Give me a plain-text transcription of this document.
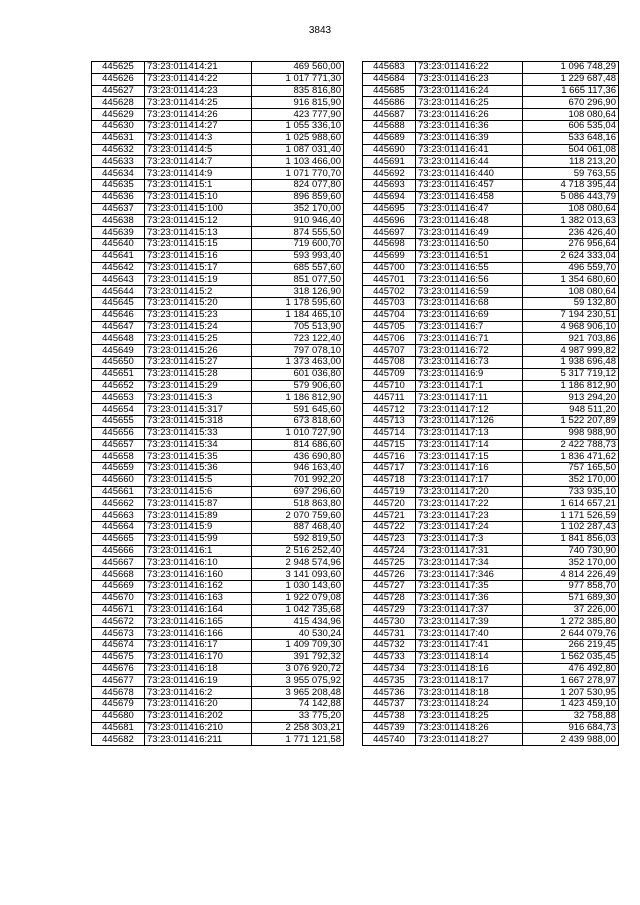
3843
445625	73:23:011414:21	469 560,00
445626	73:23:011414:22	1 017 771,30
445627	73:23:011414:23	835 816,80
445628	73:23:011414:25	916 815,90
445629	73:23:011414:26	423 777,90
445630	73:23:011414:27	1 055 336,10
445631	73:23:011414:3	1 025 988,60
445632	73:23:011414:5	1 087 031,40
445633	73:23:011414:7	1 103 466,00
445634	73:23:011414:9	1 071 770,70
445635	73:23:011415:1	824 077,80
445636	73:23:011415:10	896 859,60
445637	73:23:011415:100	352 170,00
445638	73:23:011415:12	910 946,40
445639	73:23:011415:13	874 555,50
445640	73:23:011415:15	719 600,70
445641	73:23:011415:16	593 993,40
445642	73:23:011415:17	685 557,60
445643	73:23:011415:19	851 077,50
445644	73:23:011415:2	318 126,90
445645	73:23:011415:20	1 178 595,60
445646	73:23:011415:23	1 184 465,10
445647	73:23:011415:24	705 513,90
445648	73:23:011415:25	723 122,40
445649	73:23:011415:26	797 078,10
445650	73:23:011415:27	1 373 463,00
445651	73:23:011415:28	601 036,80
445652	73:23:011415:29	579 906,60
445653	73:23:011415:3	1 186 812,90
445654	73:23:011415:317	591 645,60
445655	73:23:011415:318	673 818,60
445656	73:23:011415:33	1 010 727,90
445657	73:23:011415:34	814 686,60
445658	73:23:011415:35	436 690,80
445659	73:23:011415:36	946 163,40
445660	73:23:011415:5	701 992,20
445661	73:23:011415:6	697 296,60
445662	73:23:011415:87	518 863,80
445663	73:23:011415:89	2 070 759,60
445664	73:23:011415:9	887 468,40
445665	73:23:011415:99	592 819,50
445666	73:23:011416:1	2 516 252,40
445667	73:23:011416:10	2 948 574,96
445668	73:23:011416:160	3 141 093,60
445669	73:23:011416:162	1 030 143,60
445670	73:23:011416:163	1 922 079,08
445671	73:23:011416:164	1 042 735,68
445672	73:23:011416:165	415 434,96
445673	73:23:011416:166	40 530,24
445674	73:23:011416:17	1 409 709,30
445675	73:23:011416:170	391 792,32
445676	73:23:011416:18	3 076 920,72
445677	73:23:011416:19	3 955 075,92
445678	73:23:011416:2	3 965 208,48
445679	73:23:011416:20	74 142,88
445680	73:23:011416:202	33 775,20
445681	73:23:011416:210	2 258 303,21
445682	73:23:011416:211	1 771 121,58
445683	73:23:011416:22	1 096 748,29
445684	73:23:011416:23	1 229 687,48
445685	73:23:011416:24	1 665 117,36
445686	73:23:011416:25	670 296,90
445687	73:23:011416:26	108 080,64
445688	73:23:011416:36	606 535,04
445689	73:23:011416:39	533 648,16
445690	73:23:011416:41	504 061,08
445691	73:23:011416:44	118 213,20
445692	73:23:011416:440	59 763,55
445693	73:23:011416:457	4 718 395,44
445694	73:23:011416:458	5 086 443,79
445695	73:23:011416:47	108 080,64
445696	73:23:011416:48	1 382 013,63
445697	73:23:011416:49	236 426,40
445698	73:23:011416:50	276 956,64
445699	73:23:011416:51	2 624 333,04
445700	73:23:011416:55	496 559,70
445701	73:23:011416:56	1 354 680,60
445702	73:23:011416:59	108 080,64
445703	73:23:011416:68	59 132,80
445704	73:23:011416:69	7 194 230,51
445705	73:23:011416:7	4 968 906,10
445706	73:23:011416:71	921 703,86
445707	73:23:011416:72	4 987 999,82
445708	73:23:011416:73	1 938 696,48
445709	73:23:011416:9	5 317 719,12
445710	73:23:011417:1	1 186 812,90
445711	73:23:011417:11	913 294,20
445712	73:23:011417:12	948 511,20
445713	73:23:011417:126	1 522 207,89
445714	73:23:011417:13	998 988,90
445715	73:23:011417:14	2 422 788,73
445716	73:23:011417:15	1 836 471,62
445717	73:23:011417:16	757 165,50
445718	73:23:011417:17	352 170,00
445719	73:23:011417:20	733 935,10
445720	73:23:011417:22	1 614 657,21
445721	73:23:011417:23	1 171 526,59
445722	73:23:011417:24	1 102 287,43
445723	73:23:011417:3	1 841 856,03
445724	73:23:011417:31	740 730,90
445725	73:23:011417:34	352 170,00
445726	73:23:011417:346	4 814 226,49
445727	73:23:011417:35	977 858,70
445728	73:23:011417:36	571 689,30
445729	73:23:011417:37	37 226,00
445730	73:23:011417:39	1 272 385,80
445731	73:23:011417:40	2 644 079,76
445732	73:23:011417:41	266 219,45
445733	73:23:011418:14	1 562 035,45
445734	73:23:011418:16	476 492,80
445735	73:23:011418:17	1 667 278,97
445736	73:23:011418:18	1 207 530,95
445737	73:23:011418:24	1 423 459,10
445738	73:23:011418:25	32 758,88
445739	73:23:011418:26	916 684,73
445740	73:23:011418:27	2 439 988,00
